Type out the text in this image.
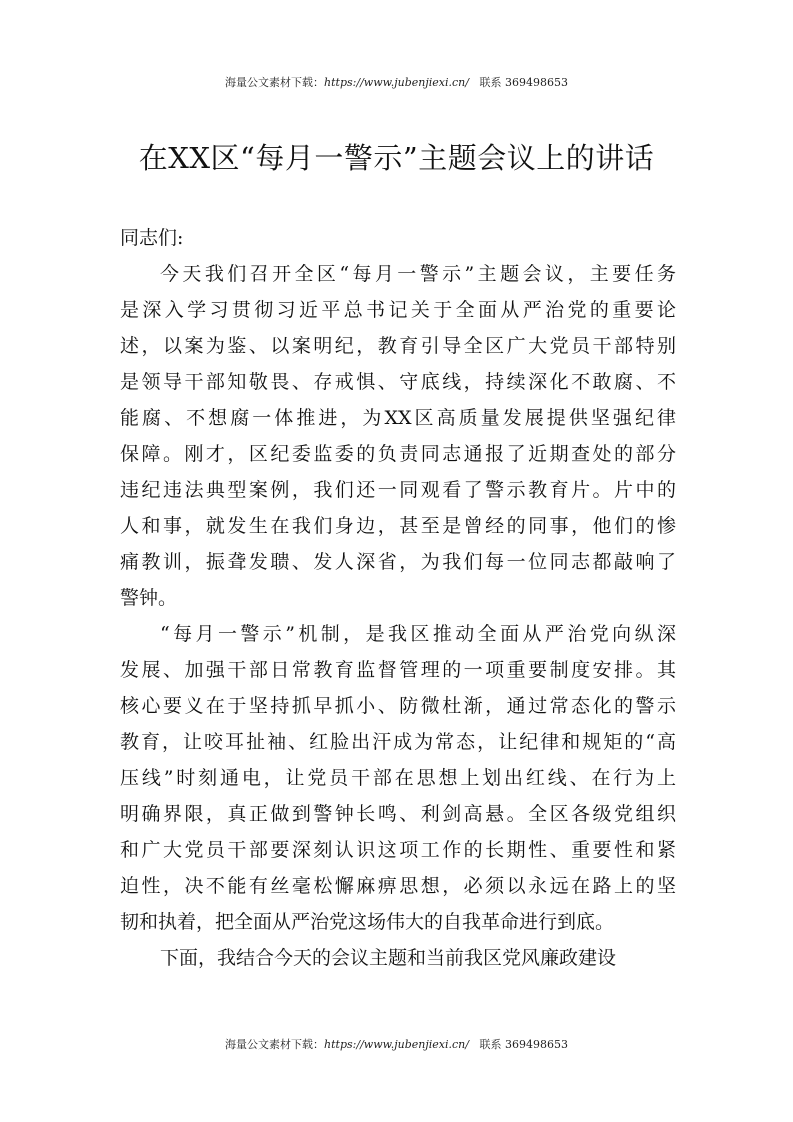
海量公文素材下载：https://www.jubenjiexi.cn/ 联系 369498653
在XX区“每月一警示”主题会议上的讲话

同志们:

今天我们召开全区“每月一警示”主题会议，主要任务
是深入学习贯彻习近平总书记关于全面从严治党的重要论
述，以案为鉴、以案明纪，教育引导全区广大党员干部特别
是领导干部知敬畏、存戒惧、守底线，持续深化不敢腐、不
能腐、不想腐一体推进，为XX区高质量发展提供坚强纪律
保障。刚才，区纪委监委的负责同志通报了近期查处的部分
违纪违法典型案例，我们还一同观看了警示教育片。片中的
人和事，就发生在我们身边，甚至是曾经的同事，他们的惨
痛教训，振聋发聩、发人深省，为我们每一位同志都敲响了
警钟。
“每月一警示”机制，是我区推动全面从严治党向纵深
发展、加强干部日常教育监督管理的一项重要制度安排。其
核心要义在于坚持抓早抓小、防微杜渐，通过常态化的警示
教育，让咬耳扯袖、红脸出汗成为常态，让纪律和规矩的“高
压线”时刻通电，让党员干部在思想上划出红线、在行为上
明确界限，真正做到警钟长鸣、利剑高悬。全区各级党组织
和广大党员干部要深刻认识这项工作的长期性、重要性和紧
迫性，决不能有丝毫松懈麻痹思想，必须以永远在路上的坚
韧和执着，把全面从严治党这场伟大的自我革命进行到底。
下面，我结合今天的会议主题和当前我区党风廉政建设
海量公文素材下载：https://www.jubenjiexi.cn/ 联系 369498653
